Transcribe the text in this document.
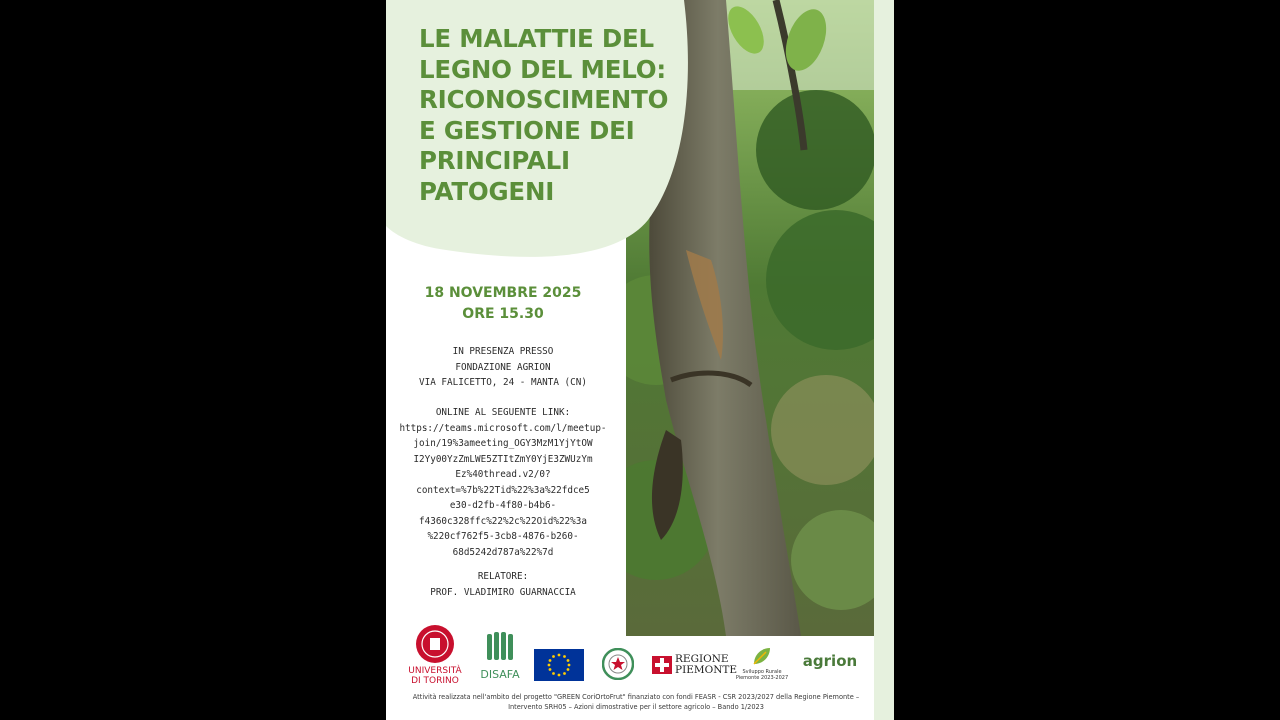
LE MALATTIE DEL
LEGNO DEL MELO:
RICONOSCIMENTO
E GESTIONE DEI
PRINCIPALI
PATOGENI
18 NOVEMBRE 2025
ORE 15.30
IN PRESENZA PRESSO
FONDAZIONE AGRION
VIA FALICETTO, 24 - MANTA (CN)
ONLINE AL SEGUENTE LINK:
https://teams.microsoft.com/l/meetup-
join/19%3ameeting_OGY3MzM1YjYtOW
I2Yy00YzZmLWE5ZTItZmY0YjE3ZWUzYm
Ez%40thread.v2/0?
context=%7b%22Tid%22%3a%22fdce5
e30-d2fb-4f80-b4b6-
f4360c328ffc%22%2c%22Oid%22%3a
%220cf762f5-3cb8-4876-b260-
68d5242d787a%22%7d
RELATORE:
PROF. VLADIMIRO GUARNACCIA
UNIVERSITÀ
DI TORINO	DISAFA
REGIONE
PIEMONTE	Sviluppo Rurale
Piemonte 2023-2027
agrion

Attività realizzata nell'ambito del progetto "GREEN CoriOrtoFrut" finanziato con fondi FEASR - CSR 2023/2027 della Regione Piemonte –
Intervento SRH05 – Azioni dimostrative per il settore agricolo – Bando 1/2023
